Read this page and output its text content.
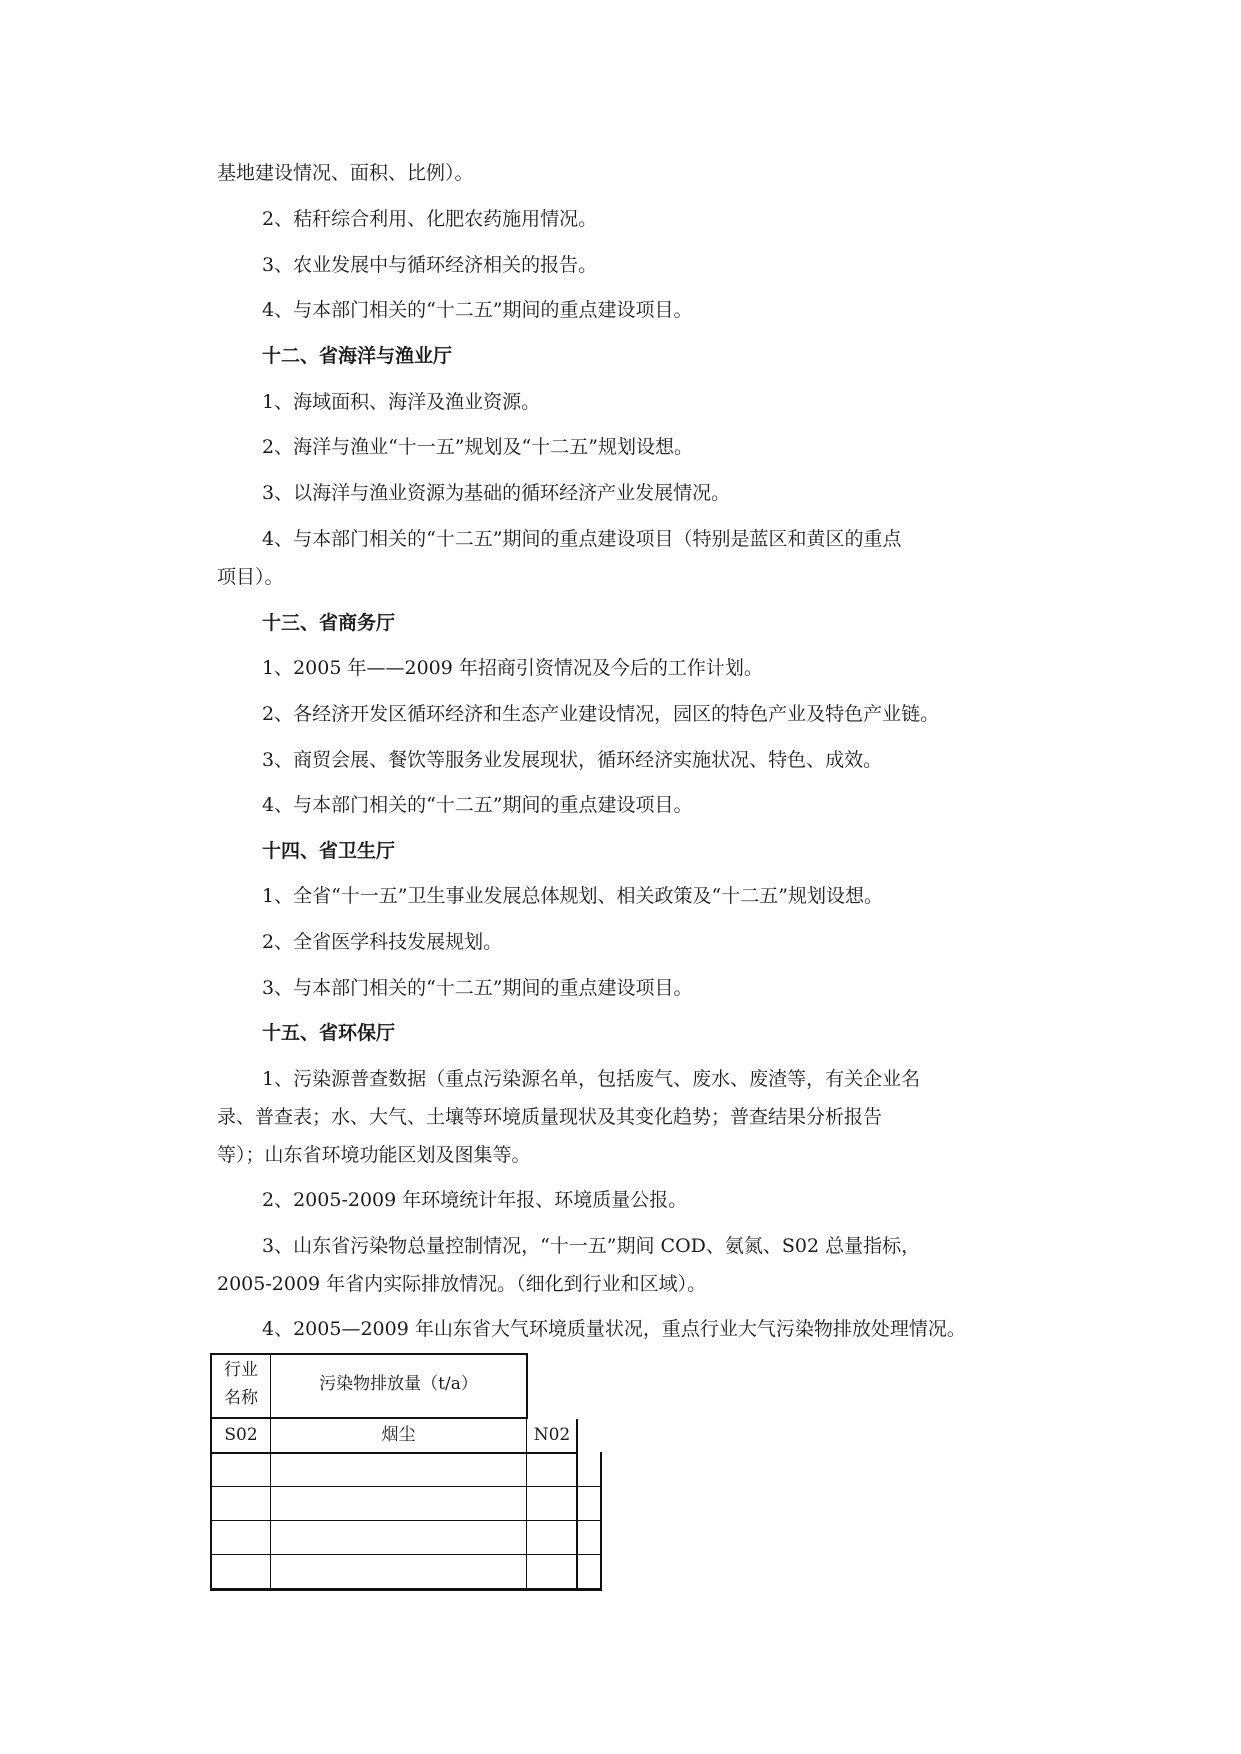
基地建设情况、面积、比例）。
2、秸秆综合利用、化肥农药施用情况。
3、农业发展中与循环经济相关的报告。
4、与本部门相关的“十二五”期间的重点建设项目。
十二、省海洋与渔业厅
1、海域面积、海洋及渔业资源。
2、海洋与渔业“十一五”规划及“十二五”规划设想。
3、以海洋与渔业资源为基础的循环经济产业发展情况。
4、与本部门相关的“十二五”期间的重点建设项目（特别是蓝区和黄区的重点
项目）。
十三、省商务厅
1、2005 年——2009 年招商引资情况及今后的工作计划。
2、各经济开发区循环经济和生态产业建设情况，园区的特色产业及特色产业链。
3、商贸会展、餐饮等服务业发展现状，循环经济实施状况、特色、成效。
4、与本部门相关的“十二五”期间的重点建设项目。
十四、省卫生厅
1、全省“十一五”卫生事业发展总体规划、相关政策及“十二五”规划设想。
2、全省医学科技发展规划。
3、与本部门相关的“十二五”期间的重点建设项目。
十五、省环保厅
1、污染源普查数据（重点污染源名单，包括废气、废水、废渣等，有关企业名
录、普查表；水、大气、土壤等环境质量现状及其变化趋势；普查结果分析报告
等）；山东省环境功能区划及图集等。
2、2005-2009 年环境统计年报、环境质量公报。
3、山东省污染物总量控制情况，“十一五”期间 COD、氨氮、S02 总量指标，
2005-2009 年省内实际排放情况。（细化到行业和区域）。
4、2005—2009 年山东省大气环境质量状况，重点行业大气污染物排放处理情况。
行业
名称
污染物排放量（t/a）
S02	烟尘	N02
